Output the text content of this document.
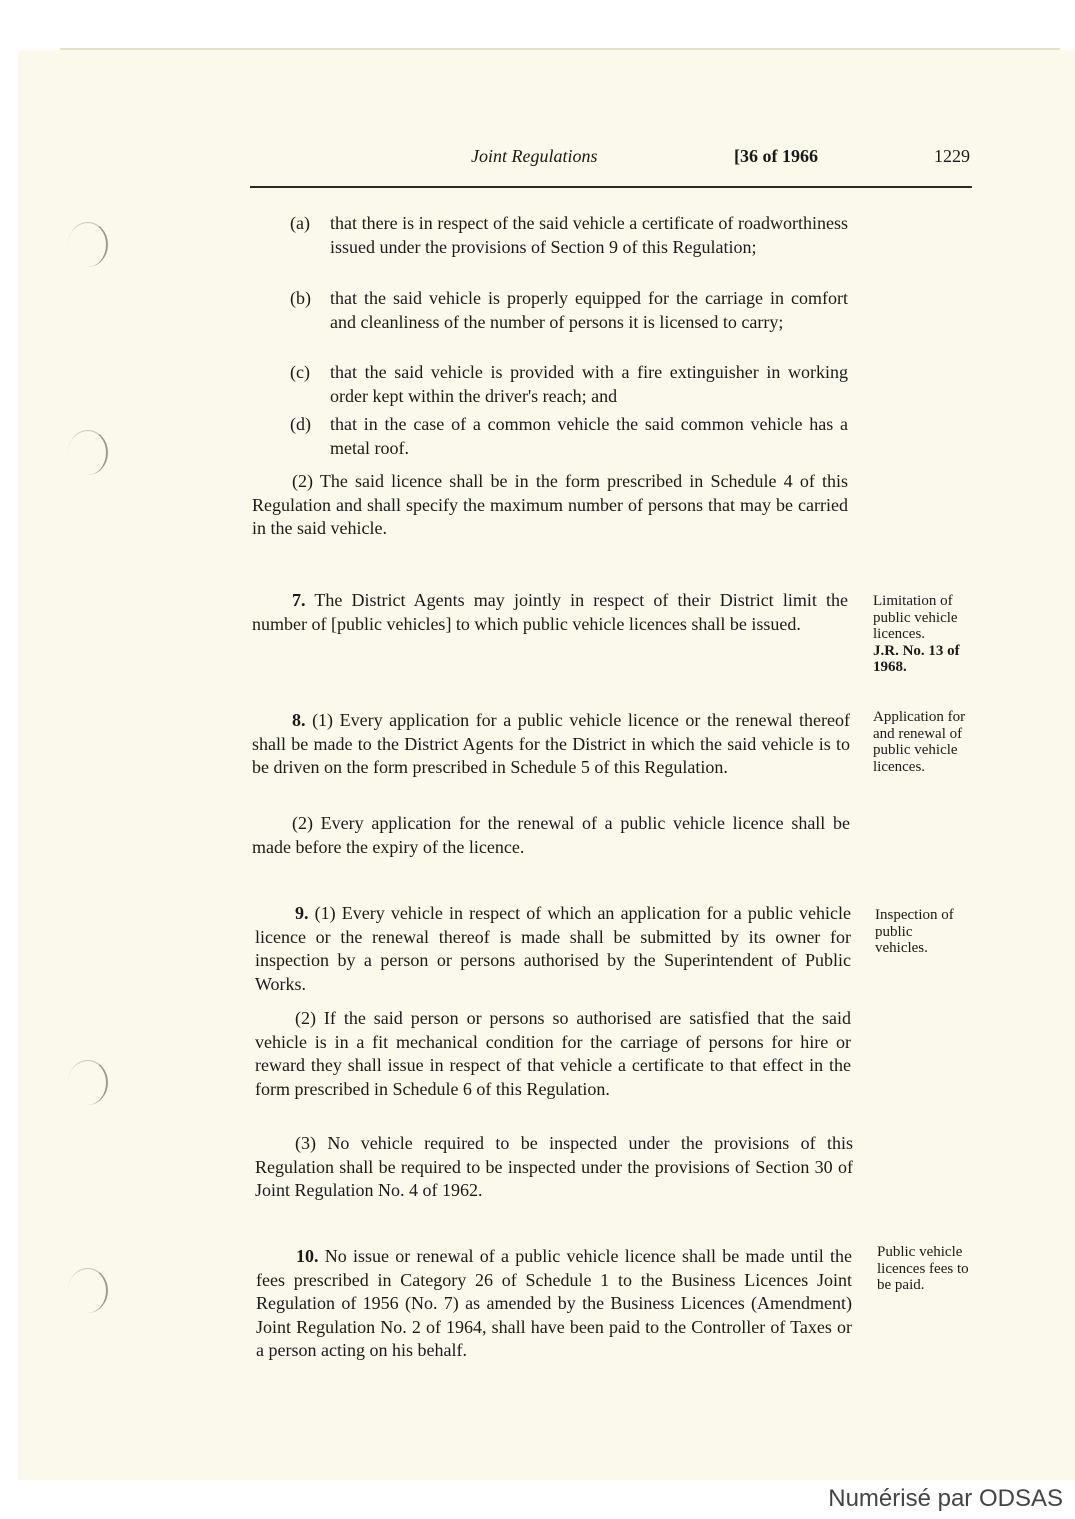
Joint Regulations	[36 of 1966	1229
(a) that there is in respect of the said vehicle a certificate of roadworthiness issued under the provisions of Section 9 of this Regulation;
(b) that the said vehicle is properly equipped for the carriage in comfort and cleanliness of the number of persons it is licensed to carry;
(c) that the said vehicle is provided with a fire extinguisher in working order kept within the driver's reach; and
(d) that in the case of a common vehicle the said common vehicle has a metal roof.
(2) The said licence shall be in the form prescribed in Schedule 4 of this Regulation and shall specify the maximum number of persons that may be carried in the said vehicle.
7. The District Agents may jointly in respect of their District limit the number of [public vehicles] to which public vehicle licences shall be issued.
Limitation of public vehicle licences.
J.R. No. 13 of 1968.
8. (1) Every application for a public vehicle licence or the renewal thereof shall be made to the District Agents for the District in which the said vehicle is to be driven on the form prescribed in Schedule 5 of this Regulation.
(2) Every application for the renewal of a public vehicle licence shall be made before the expiry of the licence.
Application for and renewal of public vehicle licences.
9. (1) Every vehicle in respect of which an application for a public vehicle licence or the renewal thereof is made shall be submitted by its owner for inspection by a person or persons authorised by the Superintendent of Public Works.
(2) If the said person or persons so authorised are satisfied that the said vehicle is in a fit mechanical condition for the carriage of persons for hire or reward they shall issue in respect of that vehicle a certificate to that effect in the form prescribed in Schedule 6 of this Regulation.
(3) No vehicle required to be inspected under the provisions of this Regulation shall be required to be inspected under the provisions of Section 30 of Joint Regulation No. 4 of 1962.
Inspection of public vehicles.
10. No issue or renewal of a public vehicle licence shall be made until the fees prescribed in Category 26 of Schedule 1 to the Business Licences Joint Regulation of 1956 (No. 7) as amended by the Business Licences (Amendment) Joint Regulation No. 2 of 1964, shall have been paid to the Controller of Taxes or a person acting on his behalf.
Public vehicle licences fees to be paid.
Numérisé par ODSAS
